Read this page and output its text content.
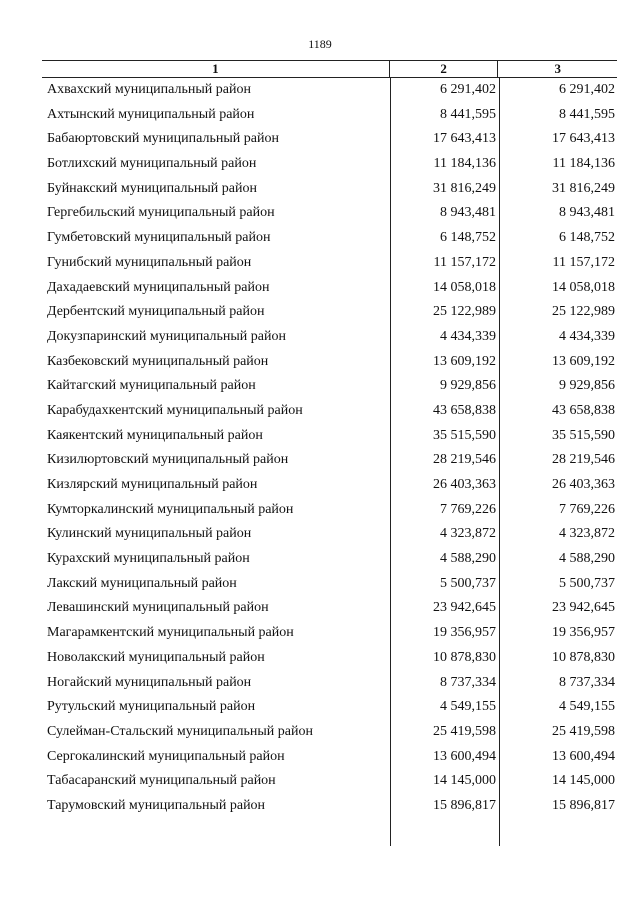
1189
1	2	3
Ахвахский муниципальный район	6 291,402	6 291,402
Ахтынский муниципальный район	8 441,595	8 441,595
Бабаюртовский муниципальный район	17 643,413	17 643,413
Ботлихский муниципальный район	11 184,136	11 184,136
Буйнакский муниципальный район	31 816,249	31 816,249
Гергебильский муниципальный район	8 943,481	8 943,481
Гумбетовский муниципальный район	6 148,752	6 148,752
Гунибский муниципальный район	11 157,172	11 157,172
Дахадаевский муниципальный район	14 058,018	14 058,018
Дербентский муниципальный район	25 122,989	25 122,989
Докузпаринский муниципальный район	4 434,339	4 434,339
Казбековский муниципальный район	13 609,192	13 609,192
Кайтагский муниципальный район	9 929,856	9 929,856
Карабудахкентский муниципальный район	43 658,838	43 658,838
Каякентский муниципальный район	35 515,590	35 515,590
Кизилюртовский муниципальный район	28 219,546	28 219,546
Кизлярский муниципальный район	26 403,363	26 403,363
Кумторкалинский муниципальный район	7 769,226	7 769,226
Кулинский муниципальный район	4 323,872	4 323,872
Курахский муниципальный район	4 588,290	4 588,290
Лакский муниципальный район	5 500,737	5 500,737
Левашинский муниципальный район	23 942,645	23 942,645
Магарамкентский муниципальный район	19 356,957	19 356,957
Новолакский муниципальный район	10 878,830	10 878,830
Ногайский муниципальный район	8 737,334	8 737,334
Рутульский муниципальный район	4 549,155	4 549,155
Сулейман-Стальский муниципальный район	25 419,598	25 419,598
Сергокалинский муниципальный район	13 600,494	13 600,494
Табасаранский муниципальный район	14 145,000	14 145,000
Тарумовский муниципальный район	15 896,817	15 896,817
